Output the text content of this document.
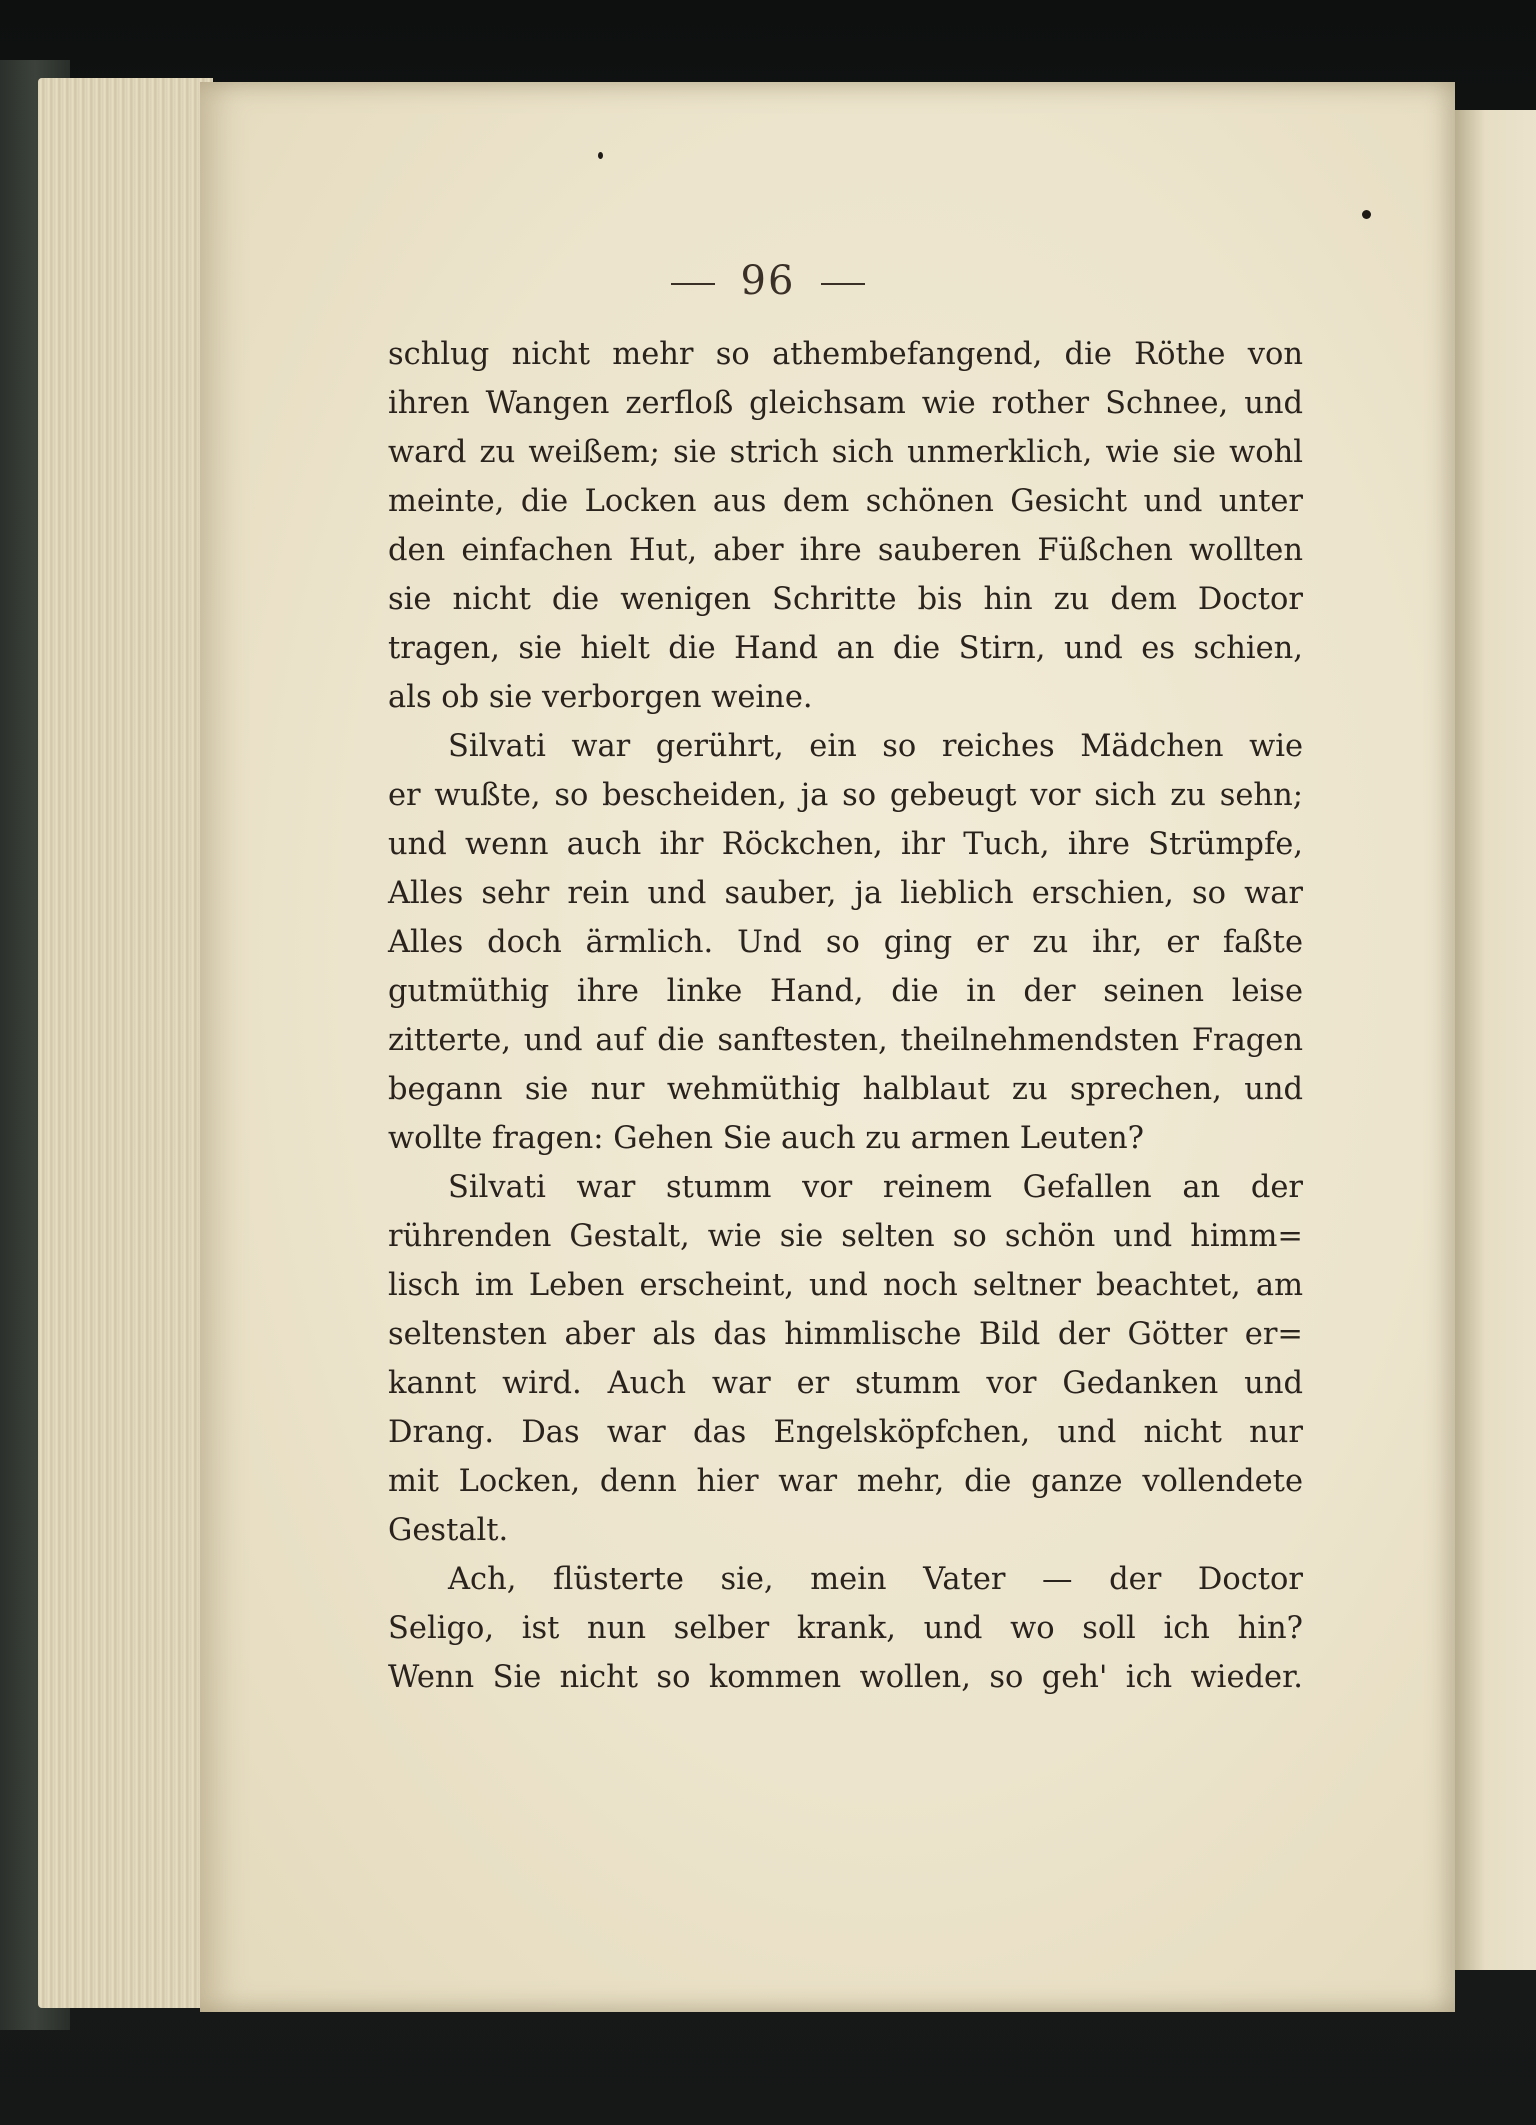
96
schlug nicht mehr so athembefangend, die Röthe von
ihren Wangen zerfloß gleichsam wie rother Schnee, und
ward zu weißem; sie strich sich unmerklich, wie sie wohl
meinte, die Locken aus dem schönen Gesicht und unter
den einfachen Hut, aber ihre sauberen Füßchen wollten
sie nicht die wenigen Schritte bis hin zu dem Doctor
tragen, sie hielt die Hand an die Stirn, und es schien,
als ob sie verborgen weine.
Silvati war gerührt, ein so reiches Mädchen wie
er wußte, so bescheiden, ja so gebeugt vor sich zu sehn;
und wenn auch ihr Röckchen, ihr Tuch, ihre Strümpfe,
Alles sehr rein und sauber, ja lieblich erschien, so war
Alles doch ärmlich. Und so ging er zu ihr, er faßte
gutmüthig ihre linke Hand, die in der seinen leise
zitterte, und auf die sanftesten, theilnehmendsten Fragen
begann sie nur wehmüthig halblaut zu sprechen, und
wollte fragen: Gehen Sie auch zu armen Leuten?
Silvati war stumm vor reinem Gefallen an der
rührenden Gestalt, wie sie selten so schön und himm=
lisch im Leben erscheint, und noch seltner beachtet, am
seltensten aber als das himmlische Bild der Götter er=
kannt wird. Auch war er stumm vor Gedanken und
Drang. Das war das Engelsköpfchen, und nicht nur
mit Locken, denn hier war mehr, die ganze vollendete
Gestalt.
Ach, flüsterte sie, mein Vater — der Doctor
Seligo, ist nun selber krank, und wo soll ich hin?
Wenn Sie nicht so kommen wollen, so geh' ich wieder.
